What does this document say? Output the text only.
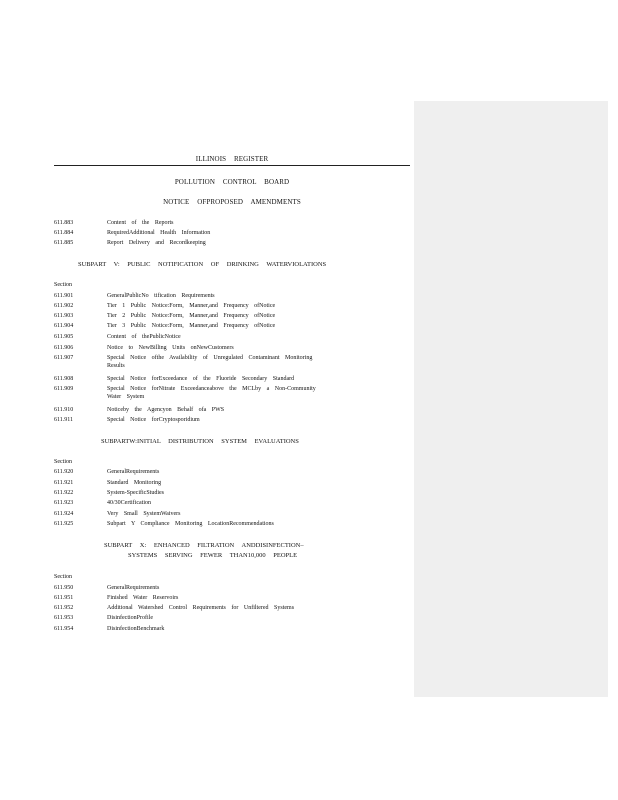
ILLINOIS REGISTER
POLLUTION CONTROL BOARD
NOTICE OFPROPOSED AMENDMENTS
611.883	Content of the Reports
611.884	RequiredAdditional Health Information
611.885	Report Delivery and Recordkeeping
SUBPART V: PUBLIC NOTIFICATION OF DRINKING WATERVIOLATIONS
Section
611.901	GeneralPublicNo tification Requirements
611.902	Tier 1 Public Notice:Form, Manner,and Frequency ofNotice
611.903	Tier 2 Public Notice:Form, Manner,and Frequency ofNotice
611.904	Tier 3 Public Notice:Form, Manner,and Frequency ofNotice
611.905	Content of thePublicNotice
611.906	Notice to NewBilling Units onNewCustomers
611.907	Special Notice ofthe Availability of Unregulated Contaminant Monitoring
Results
611.908	Special Notice forExceedance of the Fluoride Secondary Standard
611.909	Special Notice forNitrate Exceedanceabove the MCLby a Non-Community
Water System
611.910	Noticeby the Agencyon Behalf ofa PWS
611.911	Special Notice forCryptosporidium
SUBPARTW:INITIAL DISTRIBUTION SYSTEM EVALUATIONS
Section
611.920	GeneralRequirements
611.921	Standard Monitoring
611.922	System-SpecificStudies
611.923	40/30Certification
611.924	Very Small SystemWaivers
611.925	Subpart Y Compliance Monitoring LocationRecommendations
SUBPART X: ENHANCED FILTRATION ANDDISINFECTION–
SYSTEMS SERVING FEWER THAN10,000 PEOPLE
Section
611.950	GeneralRequirements
611.951	Finished Water Reservoirs
611.952	Additional Watershed Control Requirements for Unfiltered Systems
611.953	DisinfectionProfile
611.954	DisinfectionBenchmark
